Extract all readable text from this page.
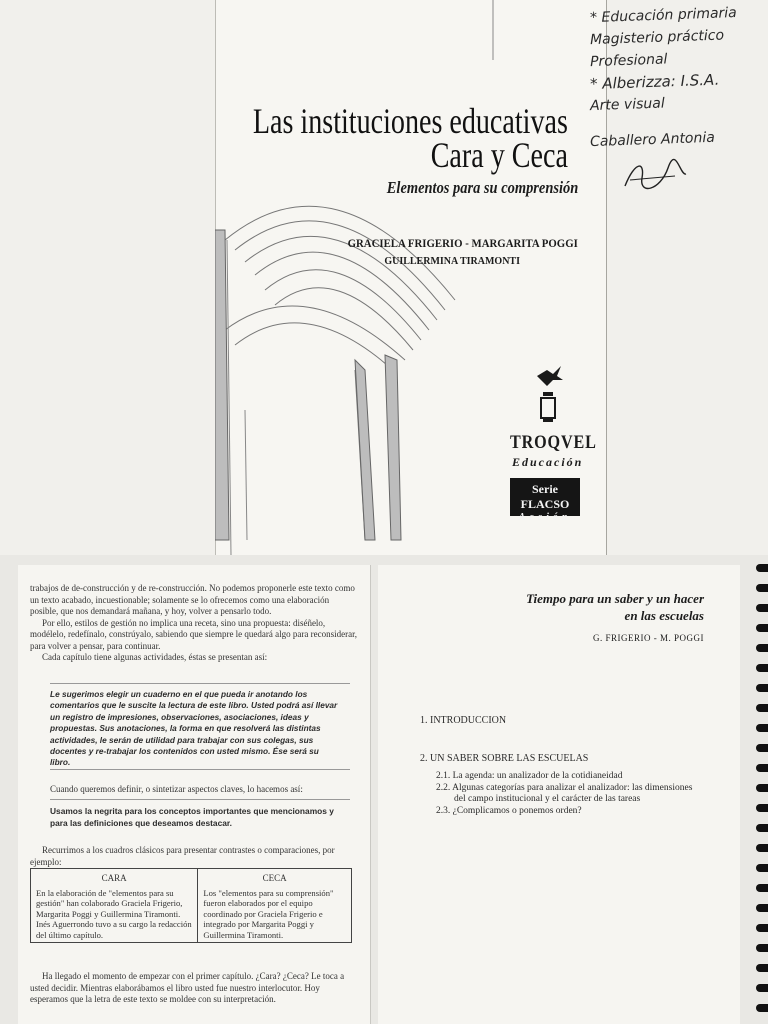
Las instituciones educativas
Cara y Ceca
Elementos para su comprensión
GRACIELA FRIGERIO - MARGARITA POGGI
GUILLERMINA TIRAMONTI
TROQVEL
Educación
Serie FLACSO
Acción
* Educación primaria
Magisterio práctico
Profesional
* Alberizza: I.S.A.
Arte visual
Caballero Antonia

trabajos de de-construcción y de re-construcción. No podemos proponerle este texto como un texto acabado, incuestionable; solamente se lo ofrecemos como una elaboración posible, que nos demandará mañana, y hoy, volver a pensarlo todo.

Por ello, estilos de gestión no implica una receta, sino una propuesta: diséñelo, modélelo, redefínalo, constrúyalo, sabiendo que siempre le quedará algo para reconsiderar, para volver a pensar, para continuar.

Cada capítulo tiene algunas actividades, éstas se presentan así:

Le sugerimos elegir un cuaderno en el que pueda ir anotando los comentarios que le suscite la lectura de este libro. Usted podrá así llevar un registro de impresiones, observaciones, asociaciones, ideas y propuestas. Sus anotaciones, la forma en que resolverá las distintas actividades, le serán de utilidad para trabajar con sus colegas, sus docentes y re-trabajar los contenidos con usted mismo. Ése será su libro.
Cuando queremos definir, o sintetizar aspectos claves, lo hacemos así:
Usamos la negrita para los conceptos importantes que mencionamos y para las definiciones que deseamos destacar.
Recurrimos a los cuadros clásicos para presentar contrastes o comparaciones, por ejemplo:
CARA	CECA
En la elaboración de "elementos para su gestión" han colaborado Graciela Frigerio, Margarita Poggi y Guillermina Tiramonti. Inés Aguerrondo tuvo a su cargo la redacción del último capítulo.	Los "elementos para su comprensión" fueron elaborados por el equipo coordinado por Graciela Frigerio e integrado por Margarita Poggi y Guillermina Tiramonti.
Ha llegado el momento de empezar con el primer capítulo. ¿Cara? ¿Ceca? Le toca a usted decidir. Mientras elaborábamos el libro usted fue nuestro interlocutor. Hoy esperamos que la letra de este texto se moldee con su interpretación.
Tiempo para un saber y un hacer
en las escuelas
G. FRIGERIO - M. POGGI
1. INTRODUCCION
2. UN SABER SOBRE LAS ESCUELAS
2.1. La agenda: un analizador de la cotidianeidad
2.2. Algunas categorías para analizar el analizador: las dimensiones del campo institucional y el carácter de las tareas
2.3. ¿Complicamos o ponemos orden?
